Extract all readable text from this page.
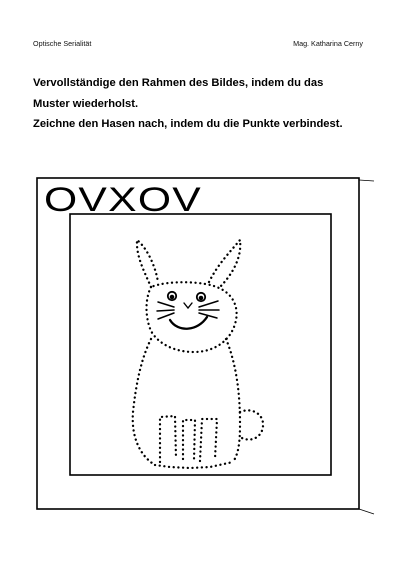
Optische Serialität	Mag. Katharina Cerny

Vervollständige den Rahmen des Bildes, indem du das Muster wiederholst.

Zeichne den Hasen nach, indem du die Punkte verbindest.

OVXOV
